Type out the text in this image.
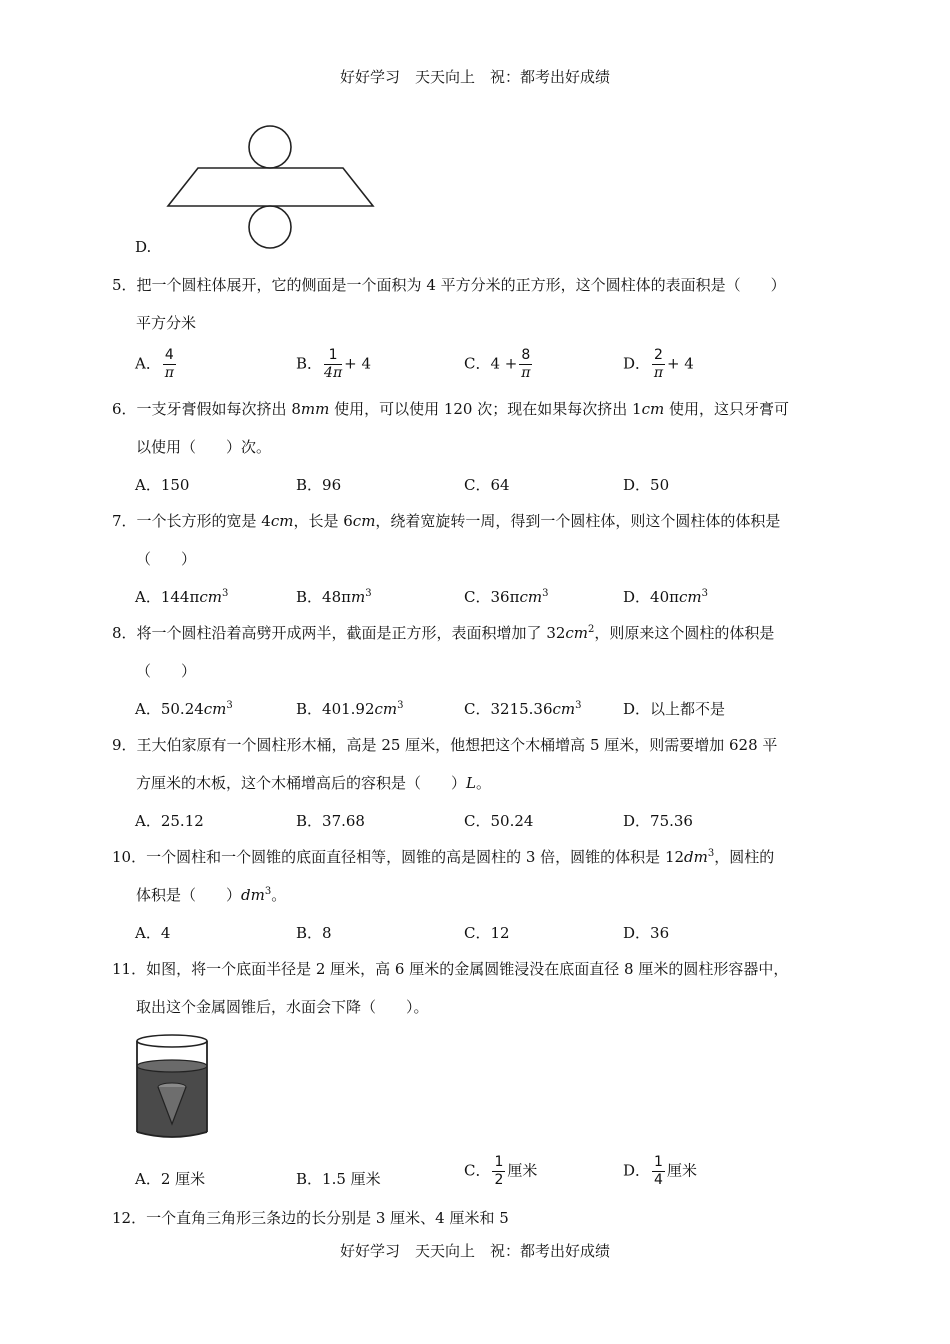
好好学习　天天向上　祝：都考出好成绩
D.
5．把一个圆柱体展开，它的侧面是一个面积为 4 平方分米的正方形，这个圆柱体的表面积是（　　）
平方分米
A． $\frac{4}{\pi}$	B． $\frac{1}{4\pi} + 4$	C．$4 + \frac{8}{\pi}$	D． $\frac{2}{\pi} + 4$
6．一支牙膏假如每次挤出 8mm 使用，可以使用 120 次；现在如果每次挤出 1cm 使用，这只牙膏可
以使用（　　）次。
A．150	B．96	C．64	D．50
7．一个长方形的宽是 4cm，长是 6cm，绕着宽旋转一周，得到一个圆柱体，则这个圆柱体的体积是
（　　）
A．144πcm$^3$	B．$48\pi m^3$	C．36πcm$^3$	D．40πcm$^3$
8．将一个圆柱沿着高劈开成两半，截面是正方形，表面积增加了 $32cm^2$，则原来这个圆柱的体积是
（　　）
A．$50.24cm^3$	B．$401.92cm^3$	C．$3215.36cm^3$	D．以上都不是
9．王大伯家原有一个圆柱形木桶，高是 25 厘米，他想把这个木桶增高 5 厘米，则需要增加 628 平
方厘米的木板，这个木桶增高后的容积是（　　）L。
A．25.12	B．37.68	C．50.24	D．75.36
10．一个圆柱和一个圆锥的底面直径相等，圆锥的高是圆柱的 3 倍，圆锥的体积是 $12dm^3$，圆柱的
体积是（　　）$dm^3$。
A．4	B．8	C．12	D．36
11．如图，将一个底面半径是 2 厘米，高 6 厘米的金属圆锥浸没在底面直径 8 厘米的圆柱形容器中，
取出这个金属圆锥后，水面会下降（　　）。
A．2 厘米	B．1.5 厘米	C． $\frac{1}{2}$ 厘米	D． $\frac{1}{4}$ 厘米
12．一个直角三角形三条边的长分别是 3 厘米、4 厘米和 5
好好学习　天天向上　祝：都考出好成绩
